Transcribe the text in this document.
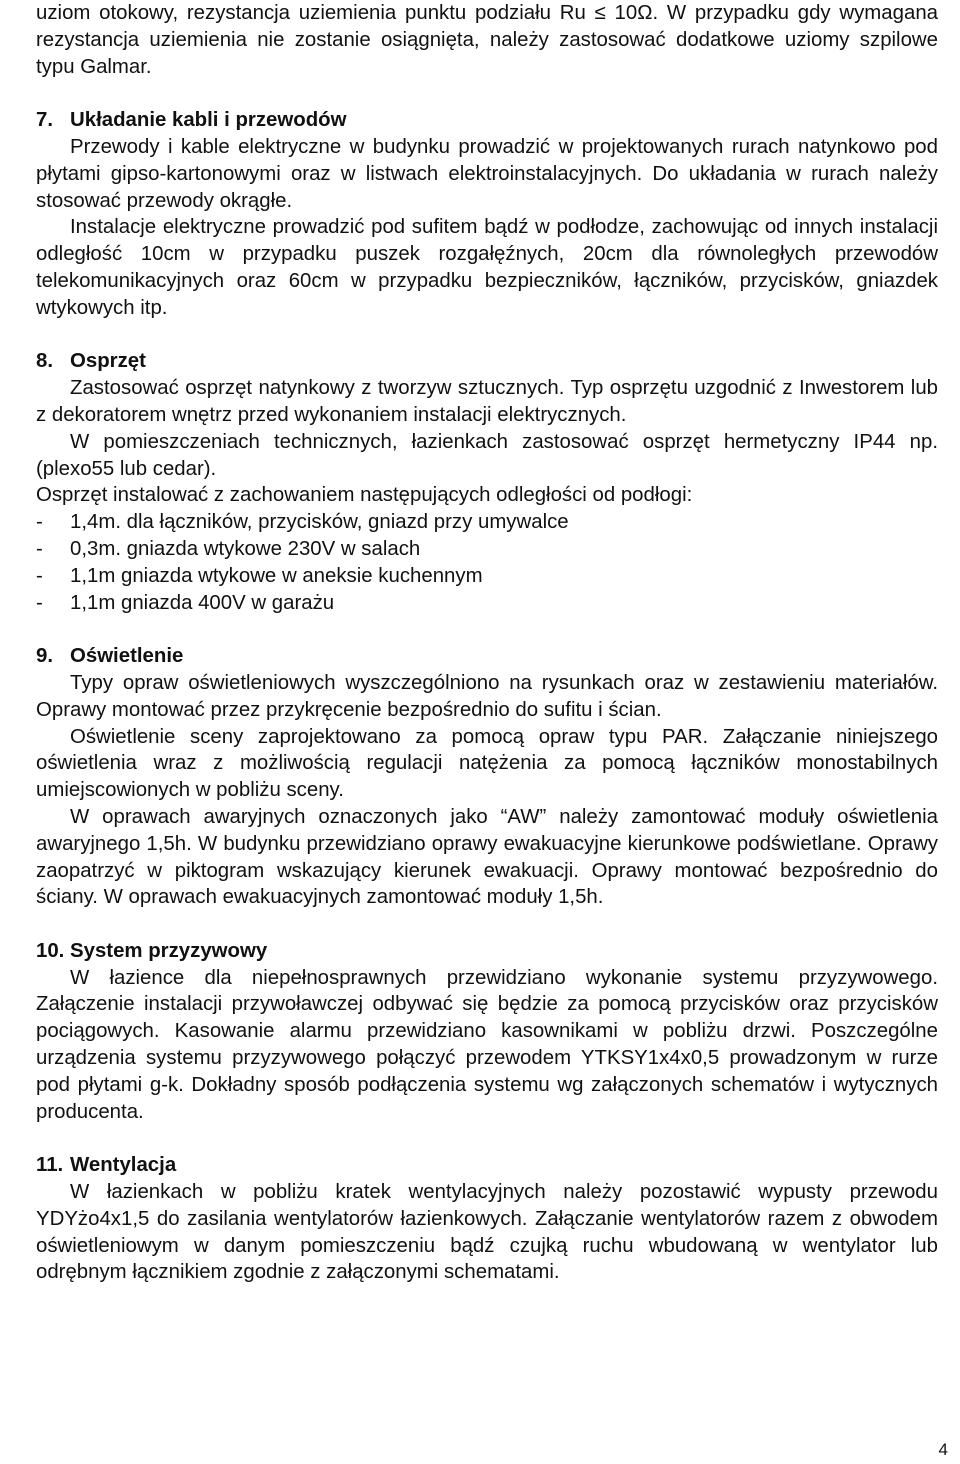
uziom otokowy, rezystancja uziemienia punktu podziału Ru ≤ 10Ω. W przypadku gdy wymagana rezystancja uziemienia nie zostanie osiągnięta, należy zastosować dodatkowe uziomy szpilowe typu Galmar.

7. Układanie kabli i przewodów

Przewody i kable elektryczne w budynku prowadzić w projektowanych rurach natynkowo pod płytami gipso-kartonowymi oraz w listwach elektroinstalacyjnych. Do układania w rurach należy stosować przewody okrągłe.

Instalacje elektryczne prowadzić pod sufitem bądź w podłodze, zachowując od innych instalacji odległość 10cm w przypadku puszek rozgałęźnych, 20cm dla równoległych przewodów telekomunikacyjnych oraz 60cm w przypadku bezpieczników, łączników, przycisków, gniazdek wtykowych itp.

8. Osprzęt

Zastosować osprzęt natynkowy z tworzyw sztucznych. Typ osprzętu uzgodnić z Inwestorem lub z dekoratorem wnętrz przed wykonaniem instalacji elektrycznych.

W pomieszczeniach technicznych, łazienkach zastosować osprzęt hermetyczny IP44 np. (plexo55 lub cedar).

Osprzęt instalować z zachowaniem następujących odległości od podłogi:

-	1,4m. dla łączników, przycisków, gniazd przy umywalce
-	0,3m. gniazda wtykowe 230V w salach
-	1,1m gniazda wtykowe w aneksie kuchennym
-	1,1m gniazda 400V w garażu
9. Oświetlenie

Typy opraw oświetleniowych wyszczególniono na rysunkach oraz w zestawieniu materiałów. Oprawy montować przez przykręcenie bezpośrednio do sufitu i ścian.

Oświetlenie sceny zaprojektowano za pomocą opraw typu PAR. Załączanie niniejszego oświetlenia wraz z możliwością regulacji natężenia za pomocą łączników monostabilnych umiejscowionych w pobliżu sceny.

W oprawach awaryjnych oznaczonych jako “AW” należy zamontować moduły oświetlenia awaryjnego 1,5h. W budynku przewidziano oprawy ewakuacyjne kierunkowe podświetlane. Oprawy zaopatrzyć w piktogram wskazujący kierunek ewakuacji. Oprawy montować bezpośrednio do ściany. W oprawach ewakuacyjnych zamontować moduły 1,5h.

10. System przyzywowy

W łazience dla niepełnosprawnych przewidziano wykonanie systemu przyzywowego. Załączenie instalacji przywoławczej odbywać się będzie za pomocą przycisków oraz przycisków pociągowych. Kasowanie alarmu przewidziano kasownikami w pobliżu drzwi. Poszczególne urządzenia systemu przyzywowego połączyć przewodem YTKSY1x4x0,5 prowadzonym w rurze pod płytami g-k. Dokładny sposób podłączenia systemu wg załączonych schematów i wytycznych producenta.

11. Wentylacja

W łazienkach w pobliżu kratek wentylacyjnych należy pozostawić wypusty przewodu YDYżo4x1,5 do zasilania wentylatorów łazienkowych. Załączanie wentylatorów razem z obwodem oświetleniowym w danym pomieszczeniu bądź czujką ruchu wbudowaną w wentylator lub odrębnym łącznikiem zgodnie z załączonymi schematami.

4
